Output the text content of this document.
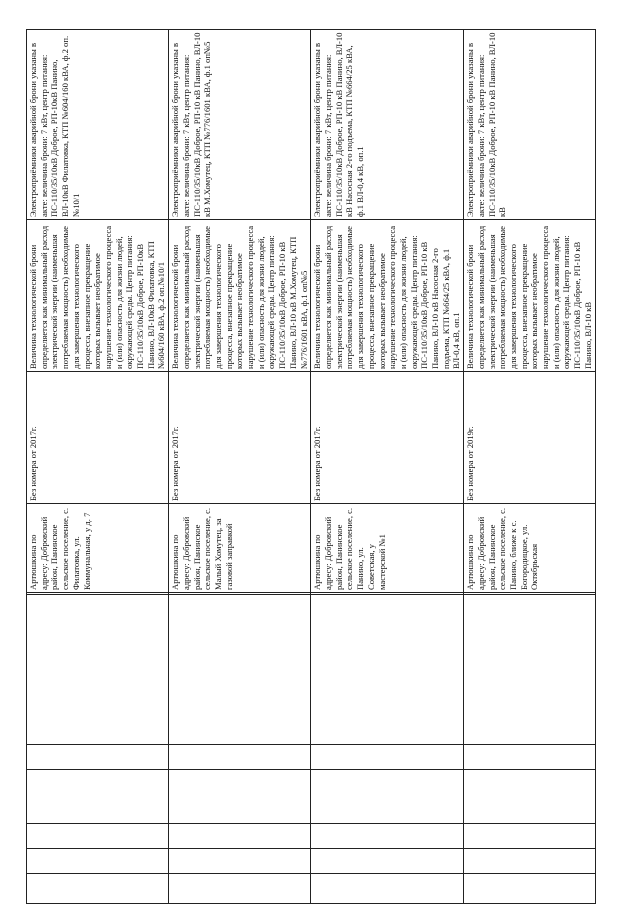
							Артюшкина по адресу: Добровский район, Панинское сельское поселение, с. Филатовка, ул. Коммунальная, у д. 7	Без номера от 2017г.	Величина технологической брони определяется как минимальный расход электрической энергии (наименьшая потребляемая мощность) необходимые для завершения технологического процесса, внезапное прекращение которых вызывает необратимое нарушение технологического процесса и (или) опасность для жизни людей, окружающей среды. Центр питания: ПС-110/35/10кВ Доброе, РП-10кВ Панино, ВЛ-10кВ Филатовка, КТП №604/160 кВА, ф.2 оп.№10/1	Электроприёмники аварийной брони указаны в акте: величина брони: 7 кВт, центр питания: ПС-110/35/10кВ Доброе, РП-10кВ Панино, ВЛ-10кВ Филатовка, КТП №604/160 кВА, ф.2 оп.№10/1
							Артюшкина по адресу: Добровский район, Панинское сельское поселение, с. Малый Хомутец, за газовой заправкой	Без номера от 2017г.	Величина технологической брони определяется как минимальный расход электрической энергии (наименьшая потребляемая мощность) необходимые для завершения технологического процесса, внезапное прекращение которых вызывает необратимое нарушение технологического процесса и (или) опасность для жизни людей, окружающей среды. Центр питания: ПС-110/35/10кВ Доброе, РП-10 кВ Панино, ВЛ-10 кВ М.Хомутец, КТП №776/1601 кВА, ф.1 оп№5	Электроприёмники аварийной брони указаны в акте: величина брони: 7 кВт, центр питания: ПС-110/35/10кВ Доброе, РП-10 кВ Панино, ВЛ-10 кВ М.Хомутец, КТП №776/1601 кВА, ф.1 оп№5
							Артюшкина по адресу: Добровский район, Панинское сельское поселение, с. Панино, ул. Советская, у мастерской №1	Без номера от 2017г.	Величина технологической брони определяется как минимальный расход электрической энергии (наименьшая потребляемая мощность) необходимые для завершения технологического процесса, внезапное прекращение которых вызывает необратимое нарушение технологического процесса и (или) опасность для жизни людей, окружающей среды. Центр питания: ПС-110/35/10кВ Доброе, РП-10 кВ Панино, ВЛ-10 кВ Насосная 2-го подъема, КТП №664/25 кВА, ф.1 ВЛ-0,4 кВ, оп.1	Электроприёмники аварийной брони указаны в акте: величина брони: 7 кВт, центр питания: ПС-110/35/10кВ Доброе, РП-10 кВ Панино, ВЛ-10 кВ Насосная 2-го подъема, КТП №664/25 кВА, ф.1 ВЛ-0,4 кВ, оп.1
							Артюшкина по адресу: Добровский район, Панинское сельское поселение, с. Панино, ближе к с. Богородицкое, ул. Октябрьская	Без номера от 2019г.	Величина технологической брони определяется как минимальный расход электрической энергии (наименьшая потребляемая мощность) необходимые для завершения технологического процесса, внезапное прекращение которых вызывает необратимое нарушение технологического процесса и (или) опасность для жизни людей, окружающей среды. Центр питания: ПС-110/35/10кВ Доброе, РП-10 кВ Панино, ВЛ-10 кВ	Электроприёмники аварийной брони указаны в акте: величина брони: 7 кВт, центр питания: ПС-110/35/10кВ Доброе, РП-10 кВ Панино, ВЛ-10 кВ
